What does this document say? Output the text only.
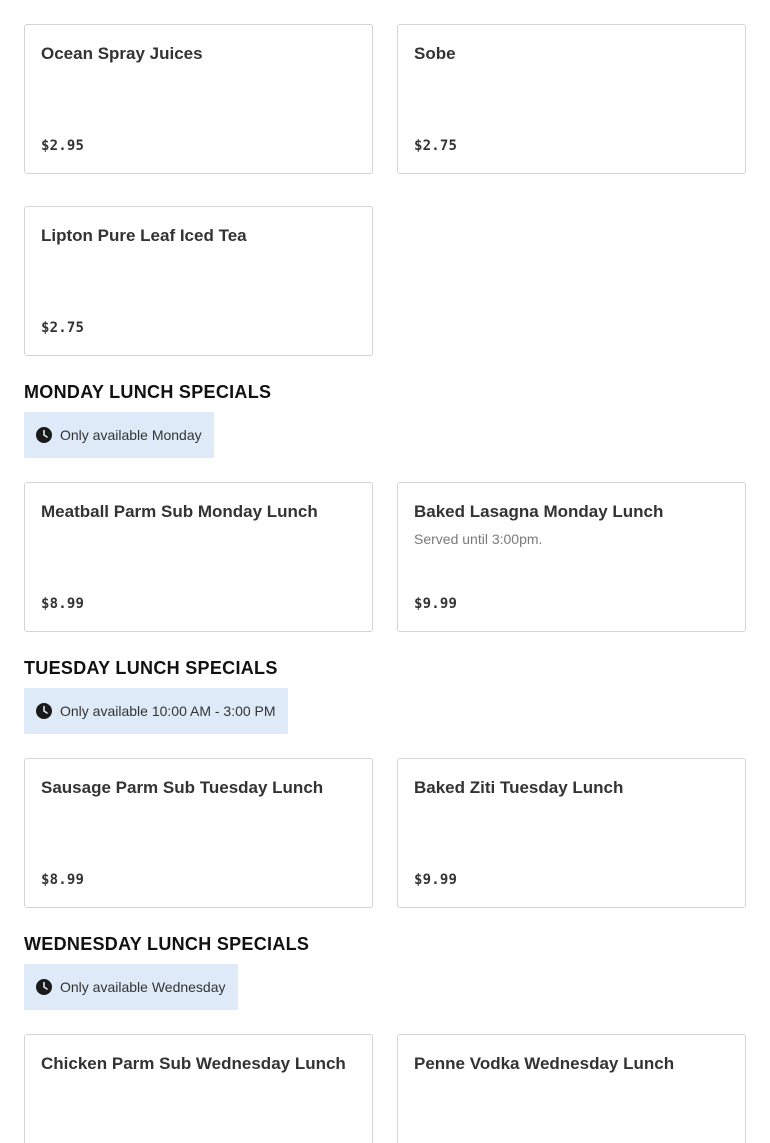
Ocean Spray Juices
$2.95
Sobe
$2.75
Lipton Pure Leaf Iced Tea
$2.75
MONDAY LUNCH SPECIALS
Only available Monday
Meatball Parm Sub Monday Lunch
$8.99
Baked Lasagna Monday Lunch
Served until 3:00pm.
$9.99
TUESDAY LUNCH SPECIALS
Only available 10:00 AM - 3:00 PM
Sausage Parm Sub Tuesday Lunch
$8.99
Baked Ziti Tuesday Lunch
$9.99
WEDNESDAY LUNCH SPECIALS
Only available Wednesday
Chicken Parm Sub Wednesday Lunch	Penne Vodka Wednesday Lunch
